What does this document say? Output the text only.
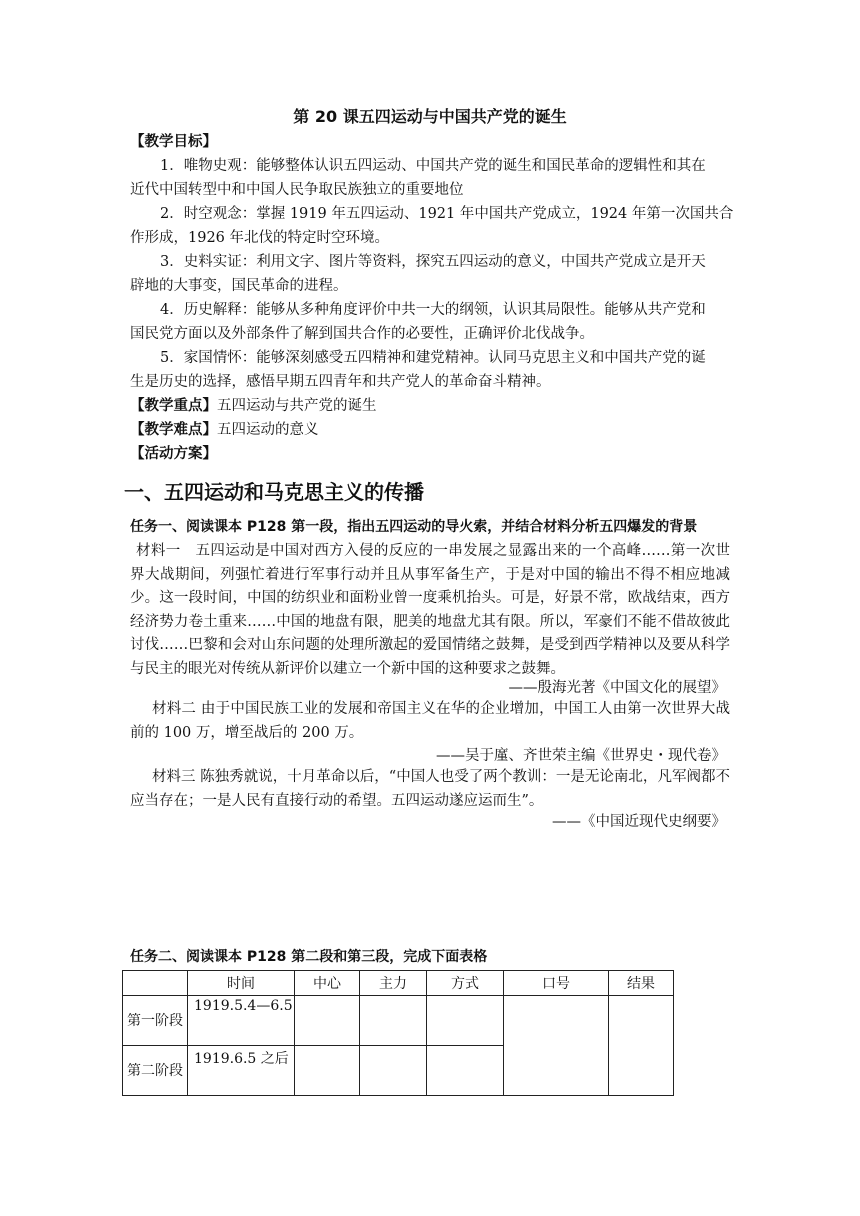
第 20 课五四运动与中国共产党的诞生
【教学目标】
1．唯物史观：能够整体认识五四运动、中国共产党的诞生和国民革命的逻辑性和其在
近代中国转型中和中国人民争取民族独立的重要地位
2．时空观念：掌握 1919 年五四运动、1921 年中国共产党成立，1924 年第一次国共合
作形成，1926 年北伐的特定时空环境。
3．史料实证：利用文字、图片等资料，探究五四运动的意义，中国共产党成立是开天
辟地的大事变，国民革命的进程。
4．历史解释：能够从多种角度评价中共一大的纲领，认识其局限性。能够从共产党和
国民党方面以及外部条件了解到国共合作的必要性，正确评价北伐战争。
5．家国情怀：能够深刻感受五四精神和建党精神。认同马克思主义和中国共产党的诞
生是历史的选择，感悟早期五四青年和共产党人的革命奋斗精神。
【教学重点】五四运动与共产党的诞生
【教学难点】五四运动的意义
【活动方案】
一、五四运动和马克思主义的传播
任务一、阅读课本 P128 第一段，指出五四运动的导火索，并结合材料分析五四爆发的背景
材料一　五四运动是中国对西方入侵的反应的一串发展之显露出来的一个高峰……第一次世界大战期间，列强忙着进行军事行动并且从事军备生产，于是对中国的输出不得不相应地减少。这一段时间，中国的纺织业和面粉业曾一度乘机抬头。可是，好景不常，欧战结束，西方经济势力卷土重来……中国的地盘有限，肥美的地盘尤其有限。所以，军豪们不能不借故彼此讨伐……巴黎和会对山东问题的处理所激起的爱国情绪之鼓舞，是受到西学精神以及要从科学与民主的眼光对传统从新评价以建立一个新中国的这种要求之鼓舞。
——殷海光著《中国文化的展望》
材料二 由于中国民族工业的发展和帝国主义在华的企业增加，中国工人由第一次世界大战前的 100 万，增至战后的 200 万。
——吴于廑、齐世荣主编《世界史・现代卷》
材料三 陈独秀就说，十月革命以后，“中国人也受了两个教训：一是无论南北，凡军阀都不应当存在；一是人民有直接行动的希望。五四运动遂应运而生”。
——《中国近现代史纲要》
任务二、阅读课本 P128 第二段和第三段，完成下面表格
	时间	中心	主力	方式	口号	结果
第一阶段	1919.5.4—6.5					
第二阶段	1919.6.5 之后					
